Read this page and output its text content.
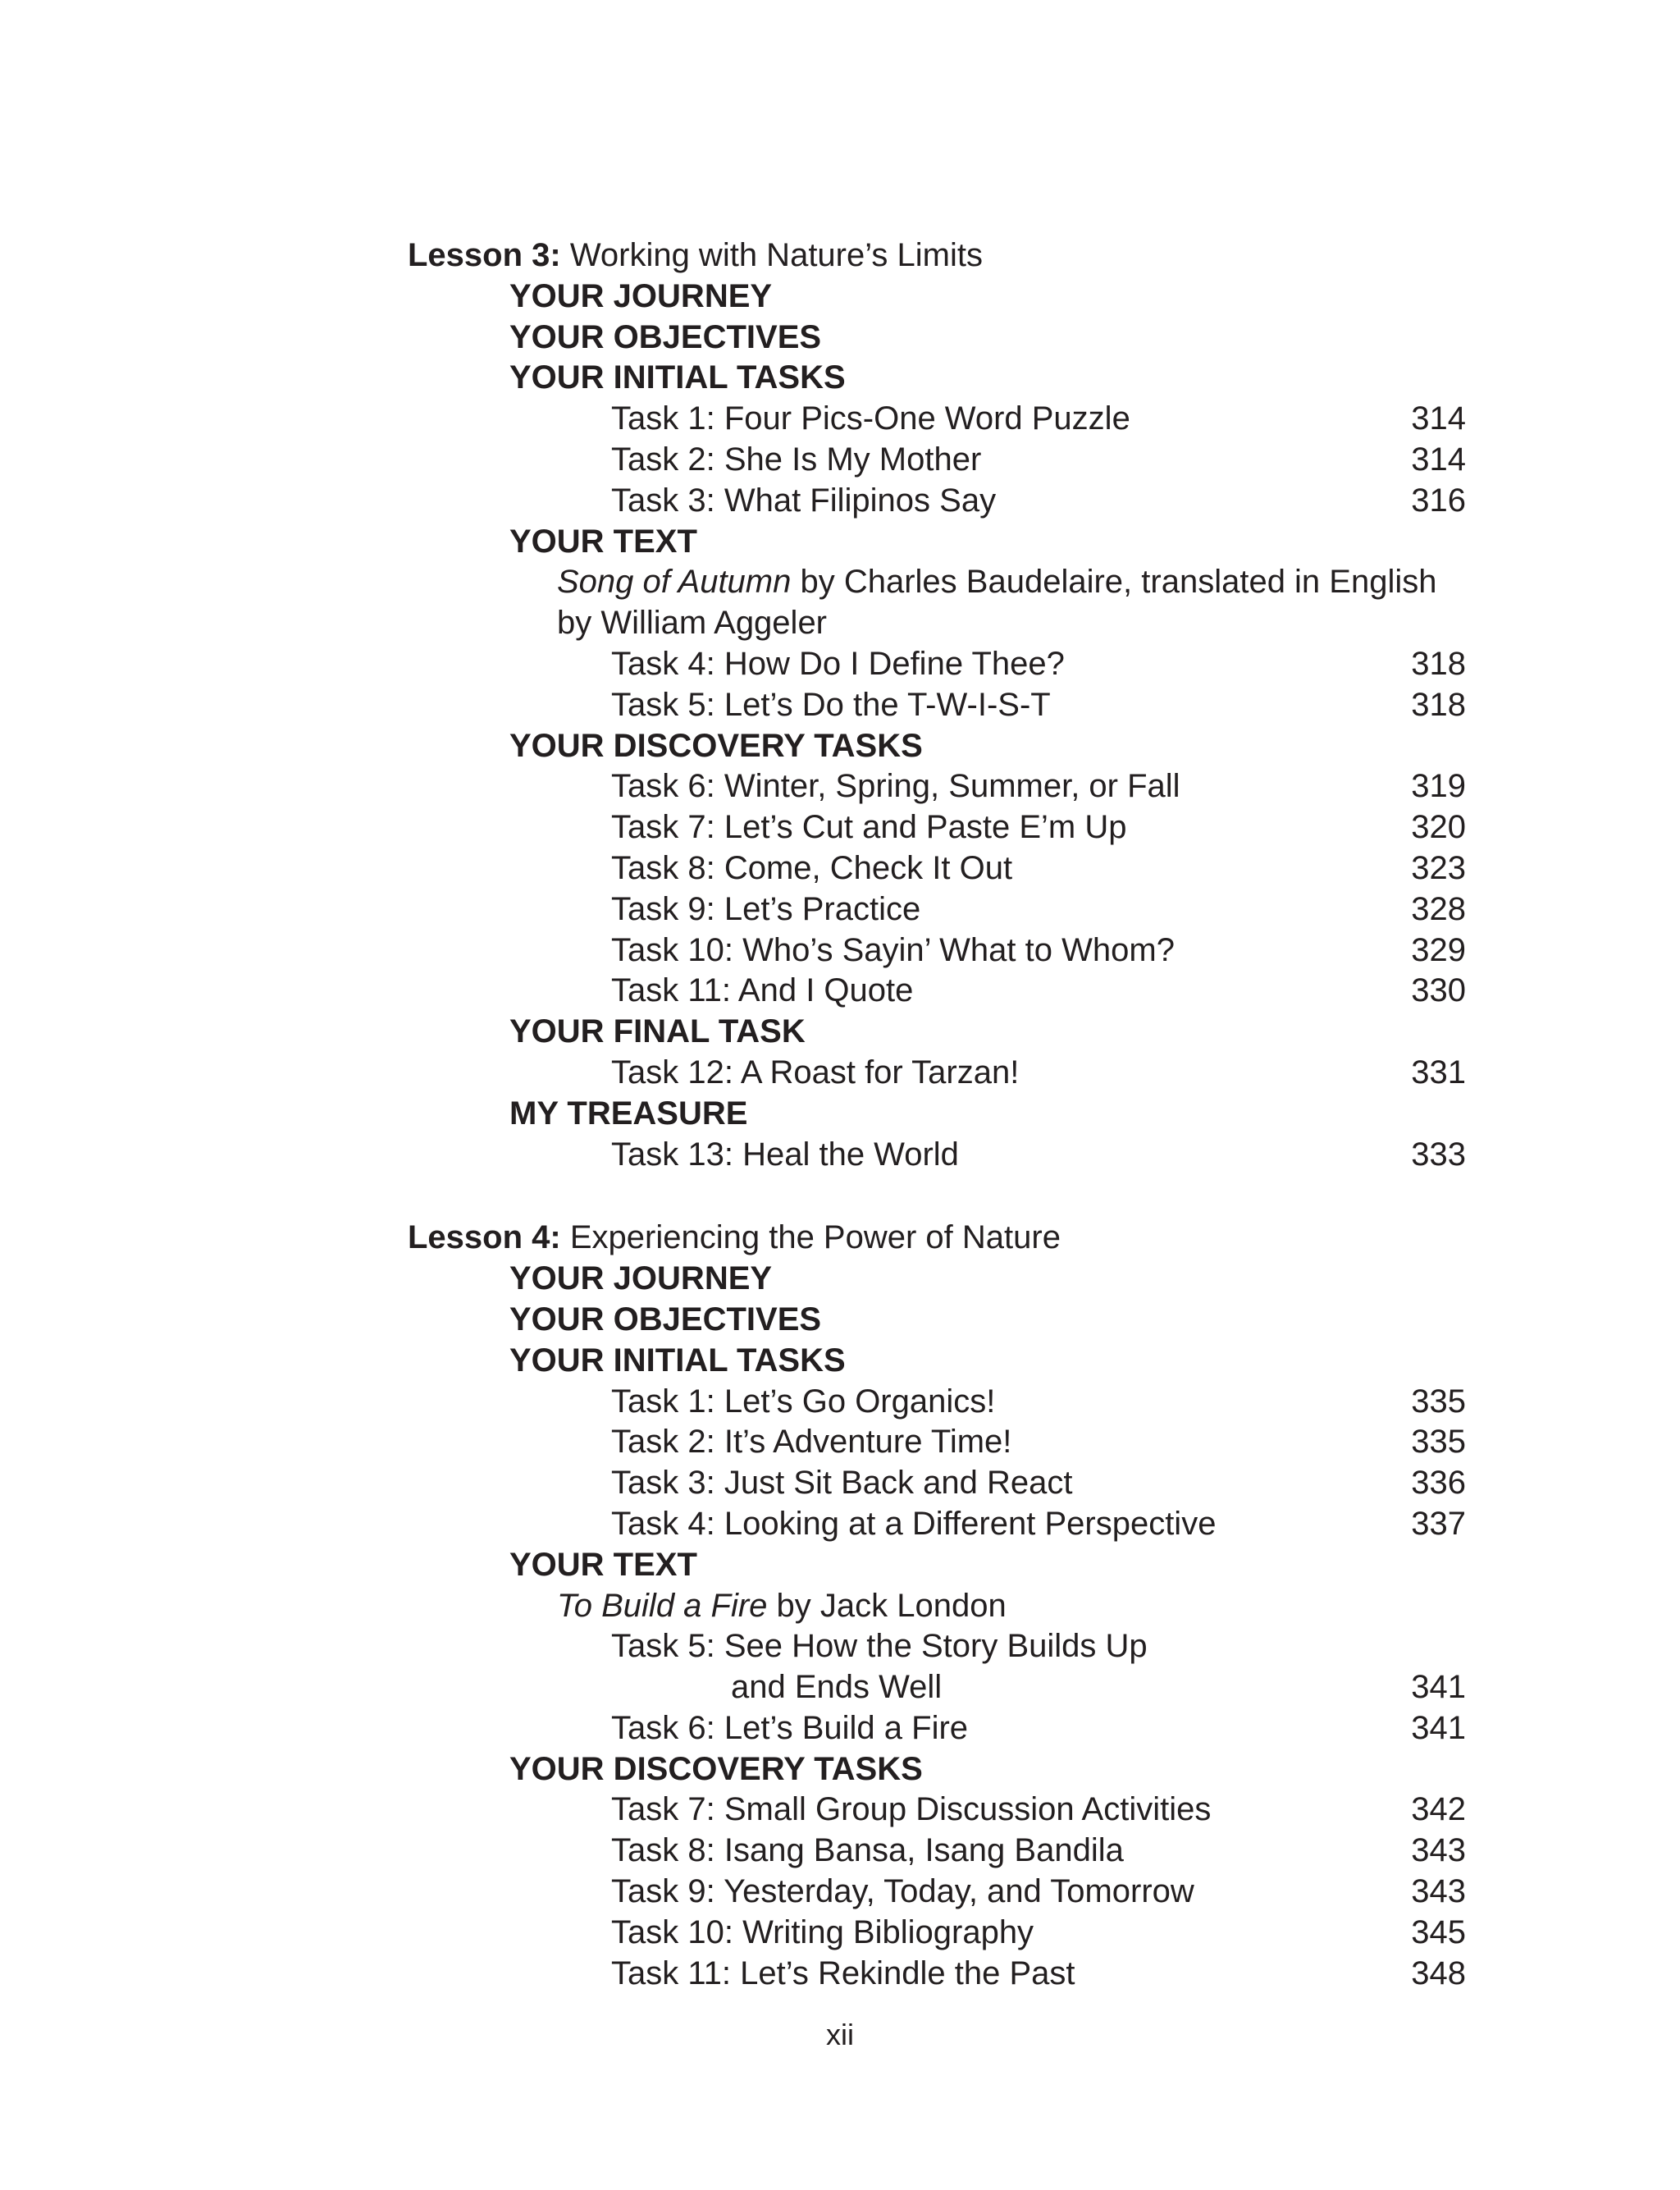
Lesson 3: Working with Nature’s Limits
YOUR JOURNEY
YOUR OBJECTIVES
YOUR INITIAL TASKS
Task 1: Four Pics-One Word Puzzle	314
Task 2: She Is My Mother	314
Task 3: What Filipinos Say	316
YOUR TEXT
Song of Autumn by Charles Baudelaire, translated in English
by William Aggeler
Task 4: How Do I Define Thee?	318
Task 5: Let’s Do the T-W-I-S-T	318
YOUR DISCOVERY TASKS
Task 6: Winter, Spring, Summer, or Fall	319
Task 7: Let’s Cut and Paste E’m Up	320
Task 8: Come, Check It Out	323
Task 9: Let’s Practice	328
Task 10: Who’s Sayin’ What to Whom?	329
Task 11: And I Quote	330
YOUR FINAL TASK
Task 12: A Roast for Tarzan!	331
MY TREASURE
Task 13: Heal the World	333
Lesson 4: Experiencing the Power of Nature
YOUR JOURNEY
YOUR OBJECTIVES
YOUR INITIAL TASKS
Task 1: Let’s Go Organics!	335
Task 2: It’s Adventure Time!	335
Task 3: Just Sit Back and React	336
Task 4: Looking at a Different Perspective	337
YOUR TEXT
To Build a Fire by Jack London
Task 5: See How the Story Builds Up
and Ends Well	341
Task 6: Let’s Build a Fire	341
YOUR DISCOVERY TASKS
Task 7: Small Group Discussion Activities	342
Task 8: Isang Bansa, Isang Bandila	343
Task 9: Yesterday, Today, and Tomorrow	343
Task 10: Writing Bibliography	345
Task 11: Let’s Rekindle the Past	348
xii
